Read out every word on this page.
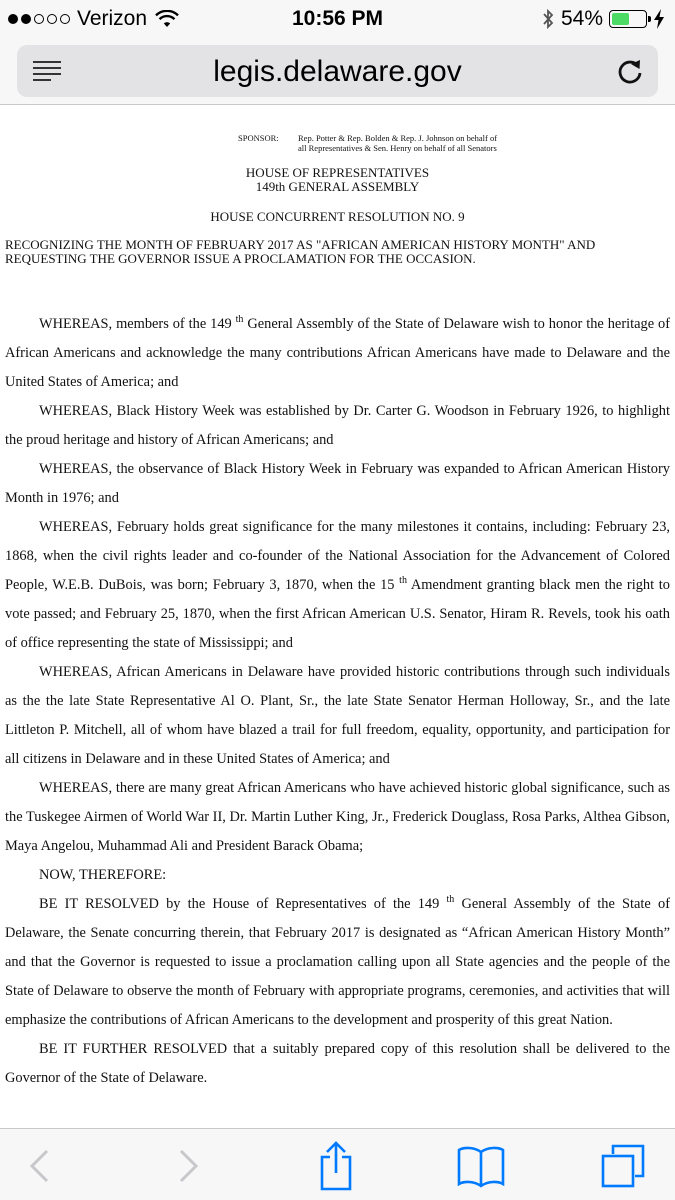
Verizon	10:56 PM	54%
legis.delaware.gov
SPONSOR: Rep. Potter & Rep. Bolden & Rep. J. Johnson on behalf of
all Representatives & Sen. Henry on behalf of all Senators
HOUSE OF REPRESENTATIVES
149th GENERAL ASSEMBLY
HOUSE CONCURRENT RESOLUTION NO. 9
RECOGNIZING THE MONTH OF FEBRUARY 2017 AS "AFRICAN AMERICAN HISTORY MONTH" AND REQUESTING THE GOVERNOR ISSUE A PROCLAMATION FOR THE OCCASION.

WHEREAS, members of the 149 $^{th}$ General Assembly of the State of Delaware wish to honor the heritage of African Americans and acknowledge the many contributions African Americans have made to Delaware and the United States of America; and

WHEREAS, Black History Week was established by Dr. Carter G. Woodson in February 1926, to highlight the proud heritage and history of African Americans; and

WHEREAS, the observance of Black History Week in February was expanded to African American History Month in 1976; and

WHEREAS, February holds great significance for the many milestones it contains, including: February 23, 1868, when the civil rights leader and co-founder of the National Association for the Advancement of Colored People, W.E.B. DuBois, was born; February 3, 1870, when the 15 $^{th}$ Amendment granting black men the right to vote passed; and February 25, 1870, when the first African American U.S. Senator, Hiram R. Revels, took his oath of office representing the state of Mississippi; and

WHEREAS, African Americans in Delaware have provided historic contributions through such individuals as the the late State Representative Al O. Plant, Sr., the late State Senator Herman Holloway, Sr., and the late Littleton P. Mitchell, all of whom have blazed a trail for full freedom, equality, opportunity, and participation for all citizens in Delaware and in these United States of America; and

WHEREAS, there are many great African Americans who have achieved historic global significance, such as the Tuskegee Airmen of World War II, Dr. Martin Luther King, Jr., Frederick Douglass, Rosa Parks, Althea Gibson, Maya Angelou, Muhammad Ali and President Barack Obama;

NOW, THEREFORE:

BE IT RESOLVED by the House of Representatives of the 149 $^{th}$ General Assembly of the State of Delaware, the Senate concurring therein, that February 2017 is designated as “African American History Month” and that the Governor is requested to issue a proclamation calling upon all State agencies and the people of the State of Delaware to observe the month of February with appropriate programs, ceremonies, and activities that will emphasize the contributions of African Americans to the development and prosperity of this great Nation.

BE IT FURTHER RESOLVED that a suitably prepared copy of this resolution shall be delivered to the Governor of the State of Delaware.
